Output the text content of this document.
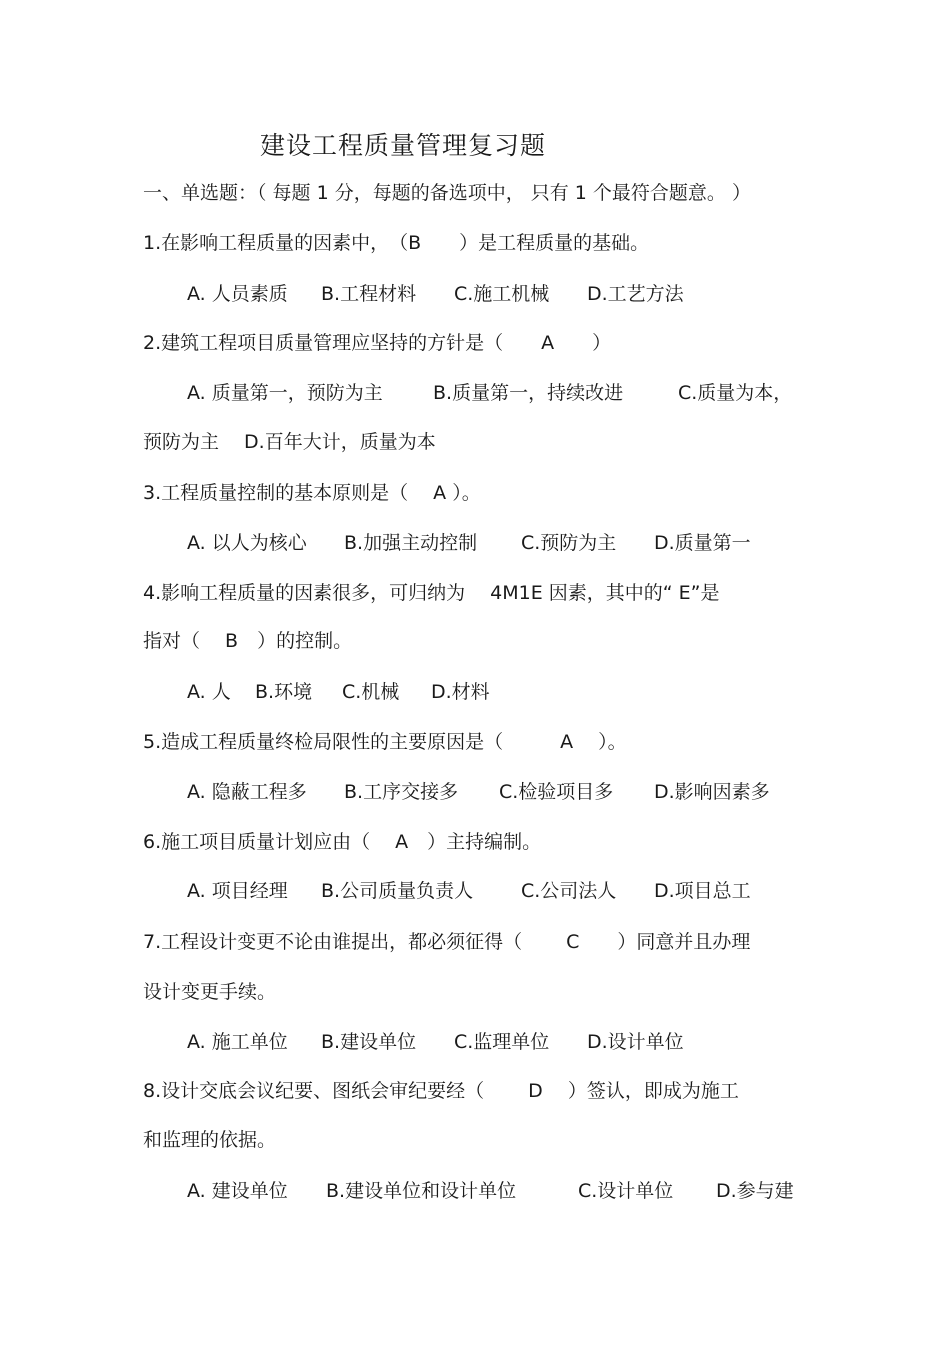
建设工程质量管理复习题
一、单选题：（ 每题 1 分，每题的备选项中， 只有 1 个最符合题意。 ）
1.在影响工程质量的因素中，　（B　　）是工程质量的基础。
A. 人员素质 B.工程材料 C.施工机械 D.工艺方法
2.建筑工程项目质量管理应坚持的方针是（　　A　　）
A. 质量第一，预防为主	B.质量第一，持续改进	C.质量为本，
预防为主　 D.百年大计，质量为本
3.工程质量控制的基本原则是（　 A ）。
A. 以人为核心 B.加强主动控制 C.预防为主 D.质量第一
4.影响工程质量的因素很多，可归纳为　 4M1E 因素，其中的“ E”是
指对（　 B　）的控制。
A. 人 B.环境 C.机械 D.材料
5.造成工程质量终检局限性的主要原因是（　　　A　 ）。
A. 隐蔽工程多 B.工序交接多 C.检验项目多 D.影响因素多
6.施工项目质量计划应由（　 A　）主持编制。
A. 项目经理 B.公司质量负责人	C.公司法人 D.项目总工
7.工程设计变更不论由谁提出，都必须征得（　　 C　　）同意并且办理
设计变更手续。
A. 施工单位 B.建设单位 C.监理单位 D.设计单位
8.设计交底会议纪要、图纸会审纪要经（　　 D　 ）签认，即成为施工
和监理的依据。
A. 建设单位 B.建设单位和设计单位	C.设计单位 D.参与建
